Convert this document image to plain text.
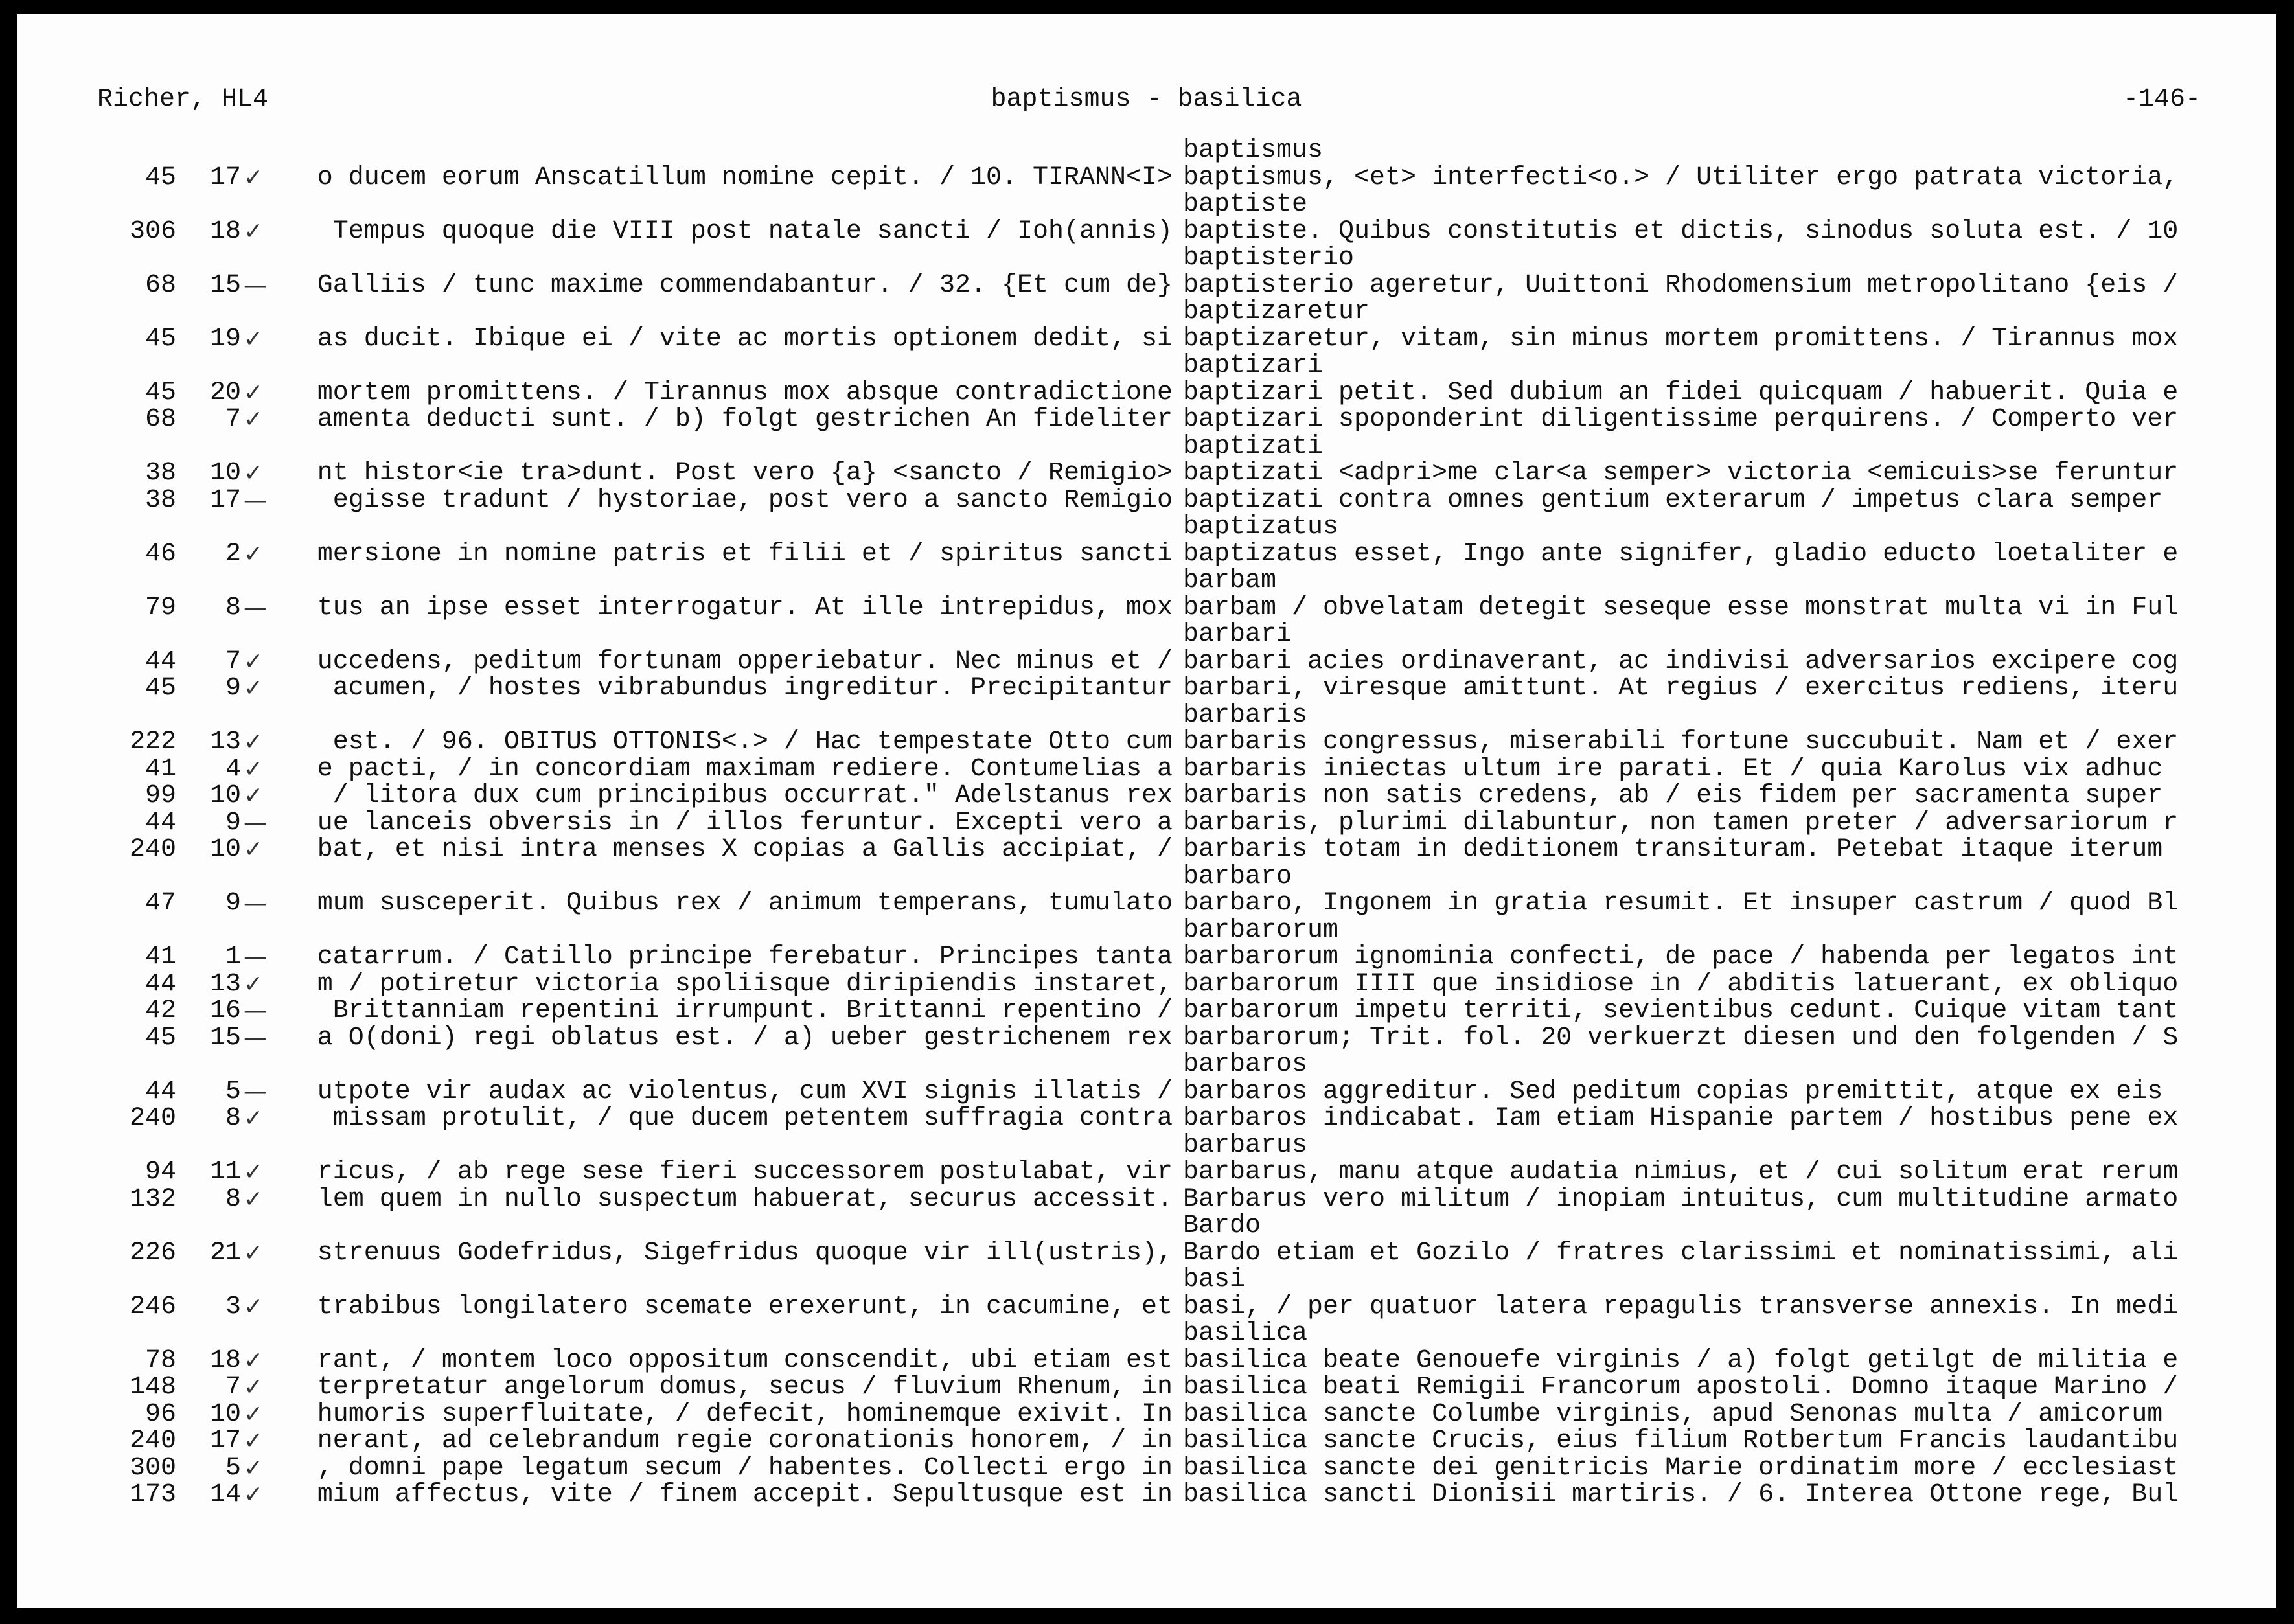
Richer, HL4	baptismus - basilica	-146-
baptismus
45	17 ✓	o ducem eorum Anscatillum nomine cepit. / 10. TIRANN<I> baptismus, <et> interfecti<o.> / Utiliter ergo patrata victoria,
baptiste
306	18 ✓	Tempus quoque die VIII post natale sancti / Ioh(annis) baptiste. Quibus constitutis et dictis, sinodus soluta est. / 10
baptisterio
68	15 —	Galliis / tunc maxime commendabantur. / 32. {Et cum de} baptisterio ageretur, Uuittoni Rhodomensium metropolitano {eis /
baptizaretur
45	19 ✓	as ducit. Ibique ei / vite ac mortis optionem dedit, si baptizaretur, vitam, sin minus mortem promittens. / Tirannus mox
baptizari
45	20 ✓	mortem promittens. / Tirannus mox absque contradictione baptizari petit. Sed dubium an fidei quicquam / habuerit. Quia e
68	7 ✓	amenta deducti sunt. / b) folgt gestrichen An fideliter baptizari spoponderint diligentissime perquirens. / Comperto ver
baptizati
38	10 ✓	nt histor<ie tra>dunt. Post vero {a} <sancto / Remigio> baptizati <adpri>me clar<a semper> victoria <emicuis>se feruntur
38	17 —	egisse tradunt / hystoriae, post vero a sancto Remigio baptizati contra omnes gentium exterarum / impetus clara semper
baptizatus
46	2 ✓	mersione in nomine patris et filii et / spiritus sancti baptizatus esset, Ingo ante signifer, gladio educto loetaliter e
barbam
79	8 —	tus an ipse esset interrogatur. At ille intrepidus, mox barbam / obvelatam detegit seseque esse monstrat multa vi in Ful
barbari
44	7 ✓	uccedens, peditum fortunam opperiebatur. Nec minus et / barbari acies ordinaverant, ac indivisi adversarios excipere cog
45	9 ✓	acumen, / hostes vibrabundus ingreditur. Precipitantur barbari, viresque amittunt. At regius / exercitus rediens, iteru
barbaris
222	13 ✓	est. / 96. OBITUS OTTONIS<.> / Hac tempestate Otto cum barbaris congressus, miserabili fortune succubuit. Nam et / exer
41	4 ✓	e pacti, / in concordiam maximam rediere. Contumelias a barbaris iniectas ultum ire parati. Et / quia Karolus vix adhuc
99	10 ✓	/ litora dux cum principibus occurrat." Adelstanus rex barbaris non satis credens, ab / eis fidem per sacramenta super
44	9 —	ue lanceis obversis in / illos feruntur. Excepti vero a barbaris, plurimi dilabuntur, non tamen preter / adversariorum r
240	10 ✓	bat, et nisi intra menses X copias a Gallis accipiat, / barbaris totam in deditionem transituram. Petebat itaque iterum
barbaro
47	9 —	mum susceperit. Quibus rex / animum temperans, tumulato barbaro, Ingonem in gratia resumit. Et insuper castrum / quod Bl
barbarorum
41	1 —	catarrum. / Catillo principe ferebatur. Principes tanta barbarorum ignominia confecti, de pace / habenda per legatos int
44	13 ✓	m / potiretur victoria spoliisque diripiendis instaret, barbarorum IIII que insidiose in / abditis latuerant, ex obliquo
42	16 —	Brittanniam repentini irrumpunt. Brittanni repentino / barbarorum impetu territi, sevientibus cedunt. Cuique vitam tant
45	15 —	a O(doni) regi oblatus est. / a) ueber gestrichenem rex barbarorum; Trit. fol. 20 verkuerzt diesen und den folgenden / S
barbaros
44	5 —	utpote vir audax ac violentus, cum XVI signis illatis / barbaros aggreditur. Sed peditum copias premittit, atque ex eis
240	8 ✓	missam protulit, / que ducem petentem suffragia contra barbaros indicabat. Iam etiam Hispanie partem / hostibus pene ex
barbarus
94	11 ✓	ricus, / ab rege sese fieri successorem postulabat, vir barbarus, manu atque audatia nimius, et / cui solitum erat rerum
132	8 ✓	lem quem in nullo suspectum habuerat, securus accessit. Barbarus vero militum / inopiam intuitus, cum multitudine armato
Bardo
226	21 ✓	strenuus Godefridus, Sigefridus quoque vir ill(ustris), Bardo etiam et Gozilo / fratres clarissimi et nominatissimi, ali
basi
246	3 ✓	trabibus longilatero scemate erexerunt, in cacumine, et basi, / per quatuor latera repagulis transverse annexis. In medi
basilica
78	18 ✓	rant, / montem loco oppositum conscendit, ubi etiam est basilica beate Genouefe virginis / a) folgt getilgt de militia e
148	7 ✓	terpretatur angelorum domus, secus / fluvium Rhenum, in basilica beati Remigii Francorum apostoli. Domno itaque Marino /
96	10 ✓	humoris superfluitate, / defecit, hominemque exivit. In basilica sancte Columbe virginis, apud Senonas multa / amicorum
240	17 ✓	nerant, ad celebrandum regie coronationis honorem, / in basilica sancte Crucis, eius filium Rotbertum Francis laudantibu
300	5 ✓	, domni pape legatum secum / habentes. Collecti ergo in basilica sancte dei genitricis Marie ordinatim more / ecclesiast
173	14 ✓	mium affectus, vite / finem accepit. Sepultusque est in basilica sancti Dionisii martiris. / 6. Interea Ottone rege, Bul
